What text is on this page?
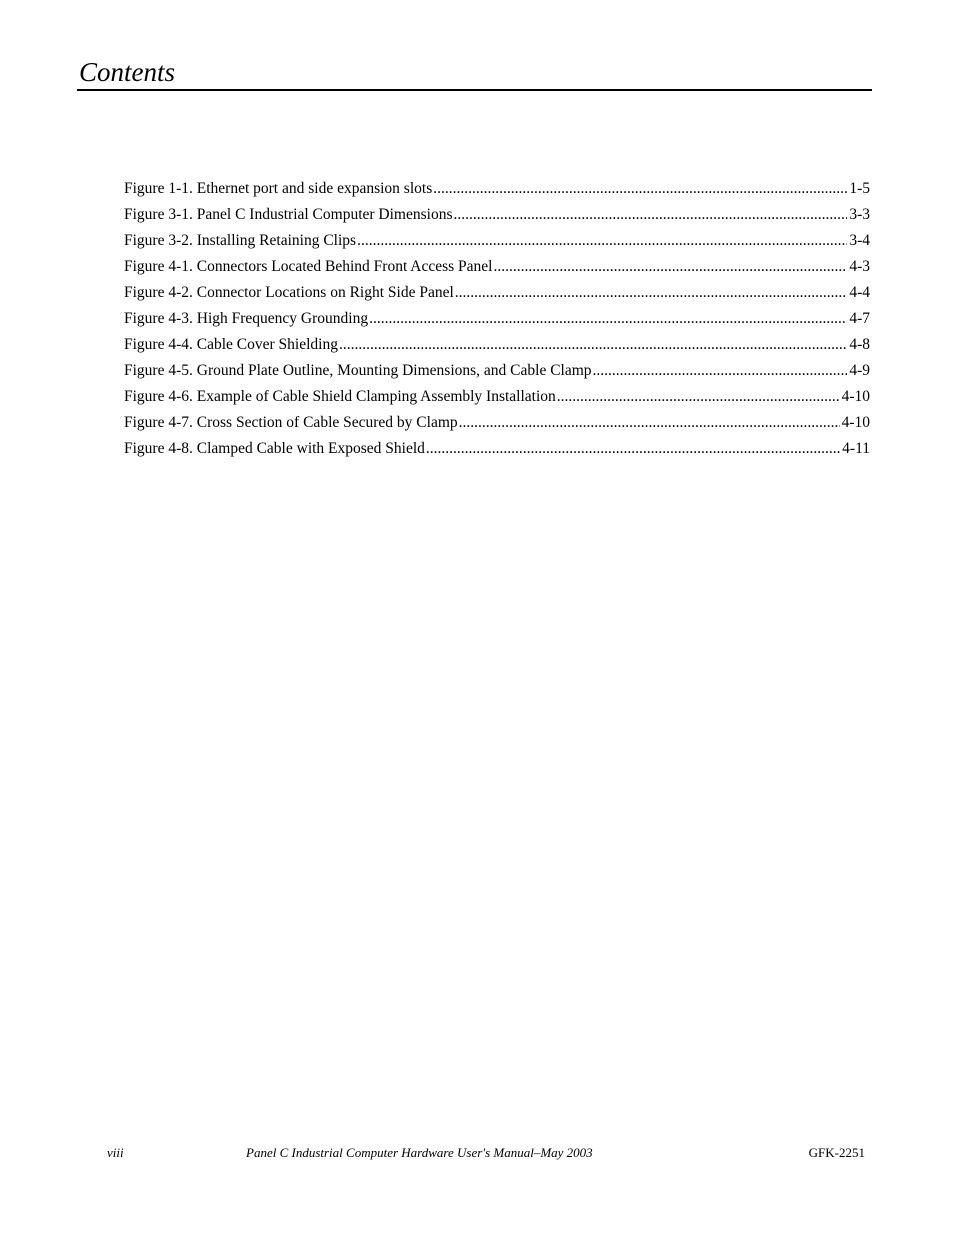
Contents
Figure 1-1. Ethernet port and side expansion slots .....	1-5
Figure 3-1. Panel C Industrial Computer Dimensions .....	3-3
Figure 3-2. Installing Retaining Clips .....	3-4
Figure 4-1. Connectors Located Behind Front Access Panel .....	4-3
Figure 4-2. Connector Locations on Right Side Panel .....	4-4
Figure 4-3. High Frequency Grounding .....	4-7
Figure 4-4. Cable Cover Shielding .....	4-8
Figure 4-5. Ground Plate Outline, Mounting Dimensions, and Cable Clamp .....	4-9
Figure 4-6. Example of Cable Shield Clamping Assembly Installation .....	4-10
Figure 4-7. Cross Section of Cable Secured by Clamp .....	4-10
Figure 4-8. Clamped Cable with Exposed Shield .....	4-11
viii	Panel C Industrial Computer Hardware User's Manual–May 2003	GFK-2251
